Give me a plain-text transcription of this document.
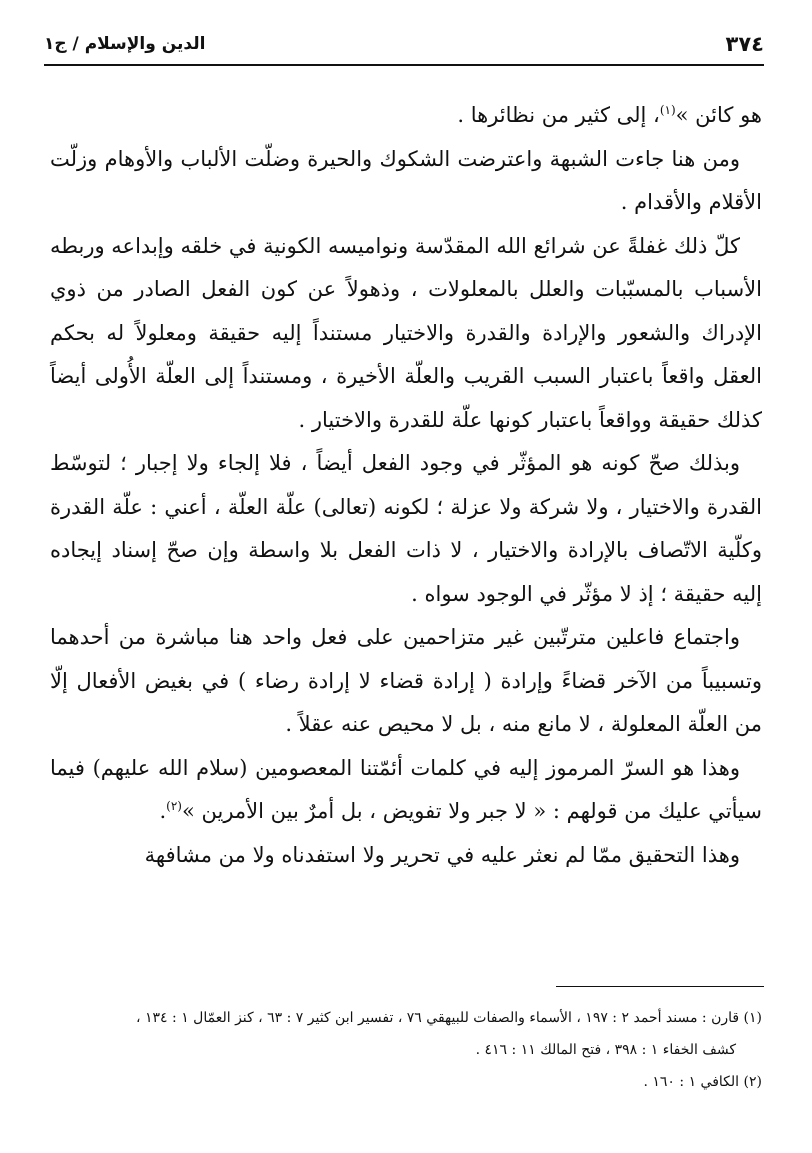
٣٧٤
الدين والإسلام / ج١

هو كائن »$^{(١)}$، إلى كثير من نظائرها .

ومن هنا جاءت الشبهة واعترضت الشكوك والحيرة وضلّت الألباب والأوهام وزلّت الأقلام والأقدام .

كلّ ذلك غفلةً عن شرائع الله المقدّسة ونواميسه الكونية في خلقه وإبداعه وربطه الأسباب بالمسبّبات والعلل بالمعلولات ، وذهولاً عن كون الفعل الصادر من ذوي الإدراك والشعور والإرادة والقدرة والاختيار مستنداً إليه حقيقة ومعلولاً له بحكم العقل واقعاً باعتبار السبب القريب والعلّة الأخيرة ، ومستنداً إلى العلّة الأُولى أيضاً كذلك حقيقة وواقعاً باعتبار كونها علّة للقدرة والاختيار .

وبذلك صحّ كونه هو المؤثّر في وجود الفعل أيضاً ، فلا إلجاء ولا إجبار ؛ لتوسّط القدرة والاختيار ، ولا شركة ولا عزلة ؛ لكونه (تعالى) علّة العلّة ، أعني : علّة القدرة وكلّية الاتّصاف بالإرادة والاختيار ، لا ذات الفعل بلا واسطة وإن صحّ إسناد إيجاده إليه حقيقة ؛ إذ لا مؤثّر في الوجود سواه .

واجتماع فاعلين مترتّبين غير متزاحمين على فعل واحد هنا مباشرة من أحدهما وتسبيباً من الآخر قضاءً وإرادة ( إرادة قضاء لا إرادة رضاء ) في بغيض الأفعال إلّا من العلّة المعلولة ، لا مانع منه ، بل لا محيص عنه عقلاً .

وهذا هو السرّ المرموز إليه في كلمات أئمّتنا المعصومين (سلام الله عليهم) فيما سيأتي عليك من قولهم : « لا جبر ولا تفويض ، بل أمرٌ بين الأمرين »$^{(٢)}$.

وهذا التحقيق ممّا لم نعثر عليه في تحرير ولا استفدناه ولا من مشافهة

(١) قارن : مسند أحمد ٢ : ١٩٧ ، الأسماء والصفات للبيهقي ٧٦ ، تفسير ابن كثير ٧ : ٦٣ ، كنز العمّال ١ : ١٣٤ ،

كشف الخفاء ١ : ٣٩٨ ، فتح المالك ١١ : ٤١٦ .

(٢) الكافي ١ : ١٦٠ .
